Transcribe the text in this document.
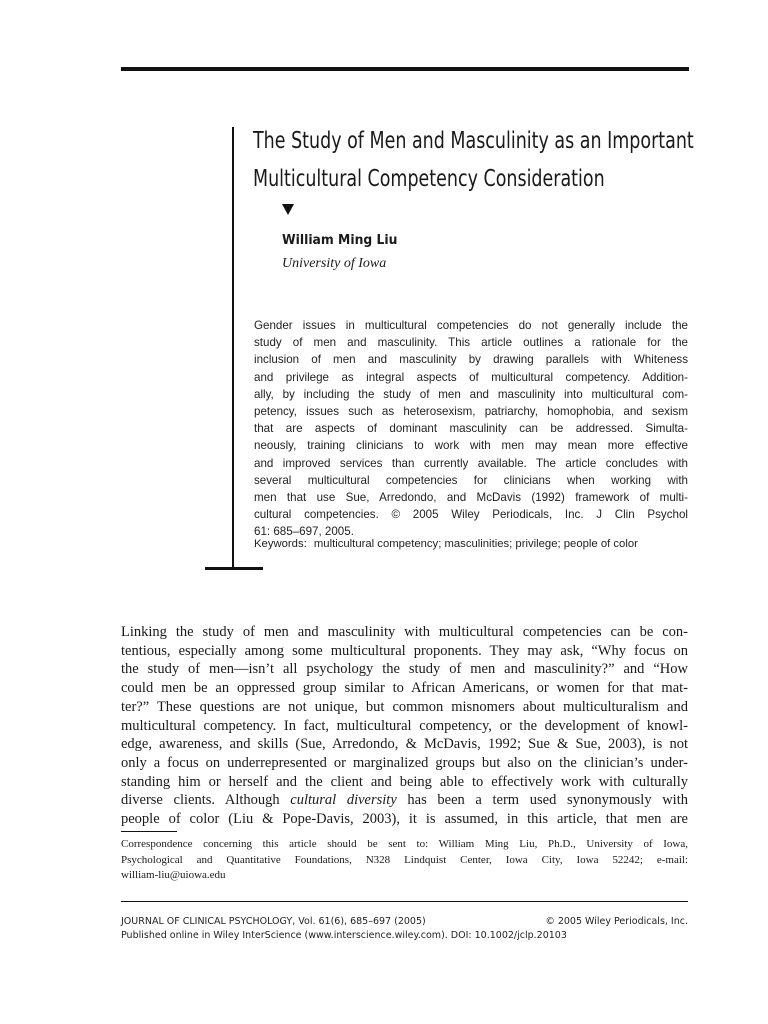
The Study of Men and Masculinity as an Important
Multicultural Competency Consideration
William Ming Liu
University of Iowa
Gender issues in multicultural competencies do not generally include the
study of men and masculinity. This article outlines a rationale for the
inclusion of men and masculinity by drawing parallels with Whiteness
and privilege as integral aspects of multicultural competency. Addition-
ally, by including the study of men and masculinity into multicultural com-
petency, issues such as heterosexism, patriarchy, homophobia, and sexism
that are aspects of dominant masculinity can be addressed. Simulta-
neously, training clinicians to work with men may mean more effective
and improved services than currently available. The article concludes with
several multicultural competencies for clinicians when working with
men that use Sue, Arredondo, and McDavis (1992) framework of multi-
cultural competencies. © 2005 Wiley Periodicals, Inc. J Clin Psychol
61: 685–697, 2005.
Keywords: multicultural competency; masculinities; privilege; people of color
Linking the study of men and masculinity with multicultural competencies can be con-
tentious, especially among some multicultural proponents. They may ask, “Why focus on
the study of men—isn’t all psychology the study of men and masculinity?” and “How
could men be an oppressed group similar to African Americans, or women for that mat-
ter?” These questions are not unique, but common misnomers about multiculturalism and
multicultural competency. In fact, multicultural competency, or the development of knowl-
edge, awareness, and skills (Sue, Arredondo, & McDavis, 1992; Sue & Sue, 2003), is not
only a focus on underrepresented or marginalized groups but also on the clinician’s under-
standing him or herself and the client and being able to effectively work with culturally
diverse clients. Although cultural diversity has been a term used synonymously with
people of color (Liu & Pope-Davis, 2003), it is assumed, in this article, that men are
Correspondence concerning this article should be sent to: William Ming Liu, Ph.D., University of Iowa,
Psychological and Quantitative Foundations, N328 Lindquist Center, Iowa City, Iowa 52242; e-mail:
william-liu@uiowa.edu
JOURNAL OF CLINICAL PSYCHOLOGY, Vol. 61(6), 685–697 (2005)	© 2005 Wiley Periodicals, Inc.
Published online in Wiley InterScience (www.interscience.wiley.com). DOI: 10.1002/jclp.20103
